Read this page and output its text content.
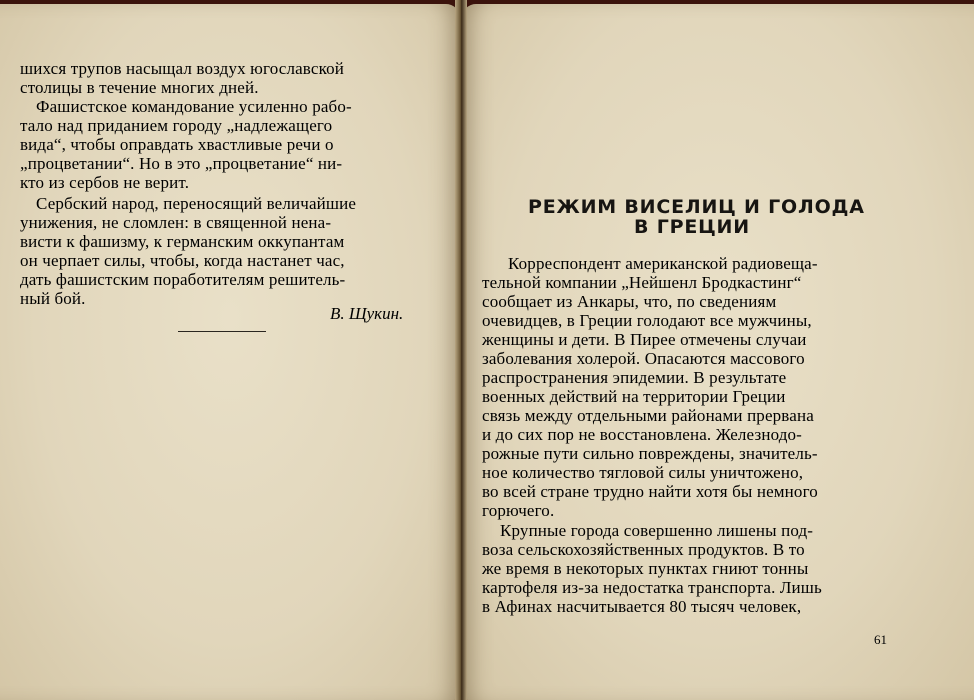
шихся трупов насыщал воздух югославской
столицы в течение многих дней.
Фашистское командование усиленно рабо-
тало над приданием городу „надлежащего
вида“, чтобы оправдать хвастливые речи о
„процветании“. Но в это „процветание“ ни-
кто из сербов не верит.
Сербский народ, переносящий величайшие
унижения, не сломлен: в священной нена-
висти к фашизму, к германским оккупантам
он черпает силы, чтобы, когда настанет час,
дать фашистским поработителям решитель-
ный бой.
В. Щукин.
РЕЖИМ ВИСЕЛИЦ И ГОЛОДА
В ГРЕЦИИ
Корреспондент американской радиовеща-
тельной компании „Нейшенл Бродкастинг“
сообщает из Анкары, что, по сведениям
очевидцев, в Греции голодают все мужчины,
женщины и дети. В Пирее отмечены случаи
заболевания холерой. Опасаются массового
распространения эпидемии. В результате
военных действий на территории Греции
связь между отдельными районами прервана
и до сих пор не восстановлена. Железнодо-
рожные пути сильно повреждены, значитель-
ное количество тягловой силы уничтожено,
во всей стране трудно найти хотя бы немного
горючего.
Крупные города совершенно лишены под-
воза сельскохозяйственных продуктов. В то
же время в некоторых пунктах гниют тонны
картофеля из-за недостатка транспорта. Лишь
в Афинах насчитывается 80 тысяч человек,
61
